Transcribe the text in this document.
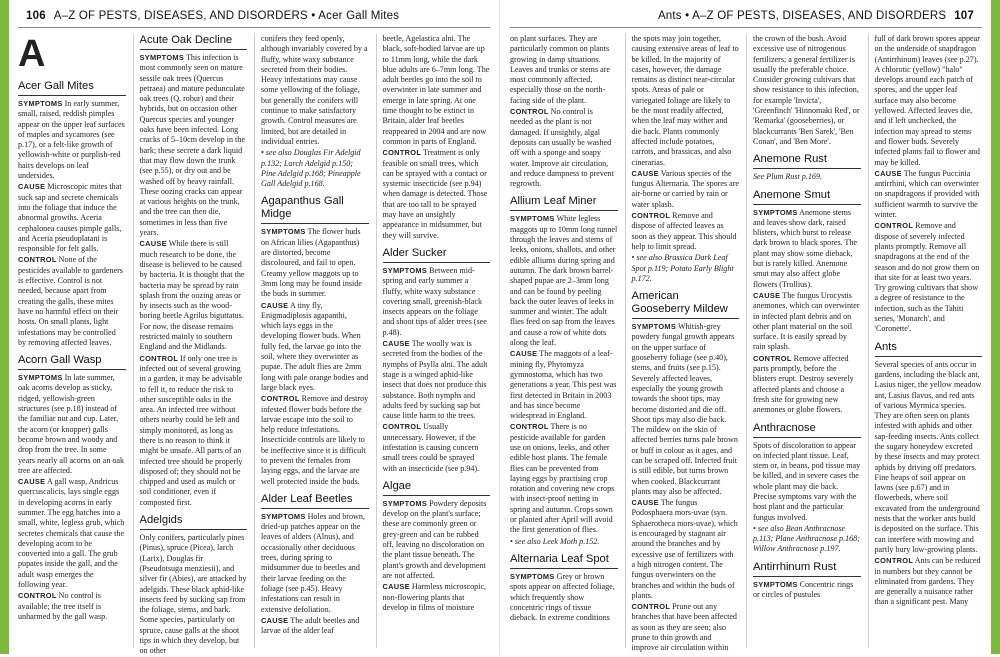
106 A–Z OF PESTS, DISEASES, AND DISORDERS • Acer Gall Mites
A
Acer Gall Mites

SYMPTOMS In early summer, small, raised, reddish pimples appear on the upper leaf surfaces of maples and sycamores (see p.17), or a felt-like growth of yellowish-white or purplish-red hairs develops on leaf undersides.

CAUSE Microscopic mites that suck sap and secrete chemicals into the foliage that induce the abnormal growths. Aceria cephalonea causes pimple galls, and Aceria pseudoplatani is responsible for felt galls.

CONTROL None of the pesticides available to gardeners is effective. Control is not needed, because apart from creating the galls, these mites have no harmful effect on their hosts. On small plants, light infestations may be controlled by removing affected leaves.

Acorn Gall Wasp

SYMPTOMS In late summer, oak acorns develop as sticky, ridged, yellowish-green structures (see p.18) instead of the familiar nut and cup. Later, the acorn (or knopper) galls become brown and woody and drop from the tree. In some years nearly all acorns on an oak tree are affected.

CAUSE A gall wasp, Andricus quercuscalicis, lays single eggs in developing acorns in early summer. The egg hatches into a small, white, legless grub, which secretes chemicals that cause the developing acorn to be converted into a gall. The grub pupates inside the gall, and the adult wasp emerges the following year.

CONTROL No control is available; the tree itself is unharmed by the gall wasp.

Acute Oak Decline

SYMPTOMS This infection is most commonly seen on mature sessile oak trees (Quercus petraea) and mature pedunculate oak trees (Q. robur) and their hybrids, but on occasion other Quercus species and younger oaks have been infected. Long cracks of 5–10cm develop in the bark; these secrete a dark liquid that may flow down the trunk (see p.55), or dry out and be washed off by heavy rainfall. These oozing cracks can appear at various heights on the trunk, and the tree can then die, sometimes in less than five years.

CAUSE While there is still much research to be done, the disease is believed to be caused by bacteria. It is thought that the bacteria may be spread by rain splash from the oozing areas or by insects such as the wood-boring beetle Agrilus biguttatus. For now, the disease remains restricted mainly to southern England and the Midlands.

CONTROL If only one tree is infected out of several growing in a garden, it may be advisable to fell it, to reduce the risk to other susceptible oaks in the area. An infected tree without others nearby could be left and simply monitored, as long as there is no reason to think it might be unsafe. All parts of an infected tree should be properly disposed of; they should not be chipped and used as mulch or soil conditioner, even if composted first.

Adelgids

Only conifers, particularly pines (Pinus), spruce (Picea), larch (Larix), Douglas fir (Pseudotsuga menziesii), and silver fir (Abies), are attacked by adelgids. These black aphid-like insects feed by sucking sap from the foliage, stems, and bark. Some species, particularly on spruce, cause galls at the shoot tips in which they develop, but on other

conifers they feed openly, although invariably covered by a fluffy, white waxy substance secreted from their bodies. Heavy infestations may cause some yellowing of the foliage, but generally the conifers will continue to make satisfactory growth. Control measures are limited, but are detailed in individual entries.

• see also Douglas Fir Adelgid p.132; Larch Adelgid p.150; Pine Adelgid p.168; Pineapple Gall Adelgid p.168.

Agapanthus Gall Midge

SYMPTOMS The flower buds on African lilies (Agapanthus) are distorted, become discoloured, and fail to open. Creamy yellow maggots up to 3mm long may be found inside the buds in summer.

CAUSE A tiny fly, Enigmadiplosis agapanthi, which lays eggs in the developing flower buds. When fully fed, the larvae go into the soil, where they overwinter as pupae. The adult flies are 2mm long with pale orange bodies and large black eyes.

CONTROL Remove and destroy infested flower buds before the larvae escape into the soil to help reduce infestations. Insecticide controls are likely to be ineffective since it is difficult to prevent the females from laying eggs, and the larvae are well protected inside the buds.

Alder Leaf Beetles

SYMPTOMS Holes and brown, dried-up patches appear on the leaves of alders (Alnus), and occasionally other deciduous trees, during spring to midsummer due to beetles and their larvae feeding on the foliage (see p.45). Heavy infestations can result in extensive defoliation.

CAUSE The adult beetles and larvae of the alder leaf

beetle, Agelastica alni. The black, soft-bodied larvae are up to 11mm long, while the dark blue adults are 6–7mm long. The adult beetles go into the soil to overwinter in late summer and emerge in late spring. At one time thought to be extinct in Britain, alder leaf beetles reappeared in 2004 and are now common in parts of England.

CONTROL Treatment is only feasible on small trees, which can be sprayed with a contact or systemic insecticide (see p.94) when damage is detected. Those that are too tall to be sprayed may have an unsightly appearance in midsummer, but they will survive.

Alder Sucker

SYMPTOMS Between mid-spring and early summer a fluffy, white waxy substance covering small, greenish-black insects appears on the foliage and shoot tips of alder trees (see p.48).

CAUSE The woolly wax is secreted from the bodies of the nymphs of Psylla alni. The adult stage is a winged aphid-like insect that does not produce this substance. Both nymphs and adults feed by sucking sap but cause little harm to the trees.

CONTROL Usually unnecessary. However, if the infestation is causing concern small trees could be sprayed with an insecticide (see p.94).

Algae

SYMPTOMS Powdery deposits develop on the plant's surface; these are commonly green or grey-green and can be rubbed off, leaving no discoloration on the plant tissue beneath. The plant's growth and development are not affected.

CAUSE Harmless microscopic, non-flowering plants that develop in films of moisture

Ants • A–Z OF PESTS, DISEASES, AND DISORDERS 107

on plant surfaces. They are particularly common on plants growing in damp situations. Leaves and trunks or stems are most commonly affected, especially those on the north-facing side of the plant.

CONTROL No control is needed as the plant is not damaged. If unsightly, algal deposits can usually be washed off with a sponge and soapy water. Improve air circulation, and reduce dampness to prevent regrowth.

Allium Leaf Miner

SYMPTOMS White legless maggots up to 10mm long tunnel through the leaves and stems of leeks, onions, shallots, and other edible alliums during spring and autumn. The dark brown barrel-shaped pupae are 2–3mm long and can be found by peeling back the outer leaves of leeks in summer and winter. The adult flies feed on sap from the leaves and cause a row of white dots along the leaf.

CAUSE The maggots of a leaf-mining fly, Phytomyza gymnostoma, which has two generations a year. This pest was first detected in Britain in 2003 and has since become widespread in England.

CONTROL There is no pesticide available for garden use on onions, leeks, and other edible host plants. The female flies can be prevented from laying eggs by practising crop rotation and covering new crops with insect-proof netting in spring and autumn. Crops sown or planted after April will avoid the first generation of flies.

• see also Leek Moth p.152.

Alternaria Leaf Spot

SYMPTOMS Grey or brown spots appear on affected foliage, which frequently show concentric rings of tissue dieback. In extreme conditions

the spots may join together, causing extensive areas of leaf to be killed. In the majority of cases, however, the damage remains as distinct near-circular spots. Areas of pale or variegated foliage are likely to be the most readily affected, when the leaf may wither and die back. Plants commonly affected include potatoes, carrots, and brassicas, and also cinerarias.

CAUSE Various species of the fungus Alternaria. The spores are air-borne or carried by rain or water splash.

CONTROL Remove and dispose of affected leaves as soon as they appear. This should help to limit spread.

• see also Brassica Dark Leaf Spot p.119; Potato Early Blight p.172.

American Gooseberry Mildew

SYMPTOMS Whitish-grey powdery fungal growth appears on the upper surface of gooseberry foliage (see p.40), stems, and fruits (see p.15). Severely affected leaves, especially the young growth towards the shoot tips, may become distorted and die off. Shoot tips may also die back. The mildew on the skin of affected berries turns pale brown or buff in colour as it ages, and can be scraped off. Infected fruit is still edible, but turns brown when cooked. Blackcurrant plants may also be affected.

CAUSE The fungus Podosphaera mors-uvae (syn. Sphaerotheca mors-uvae), which is encouraged by stagnant air around the branches and by excessive use of fertilizers with a high nitrogen content. The fungus overwinters on the branches and within the buds of plants.

CONTROL Prune out any branches that have been affected as soon as they are seen; also prune to thin growth and improve air circulation within

the crown of the bush. Avoid excessive use of nitrogenous fertilizers; a general fertilizer is usually the preferable choice. Consider growing cultivars that show resistance to this infection, for example 'Invicta', 'Greenfinch' 'Hinnomaki Red', or 'Remarka' (gooseberries), or blackcurrants 'Ben Sarek', 'Ben Conan', and 'Ben More'.

Anemone Rust

See Plum Rust p.169.

Anemone Smut

SYMPTOMS Anemone stems and leaves show dark, raised blisters, which burst to release dark brown to black spores. The plant may show some dieback, but is rarely killed. Anemone smut may also affect globe flowers (Trollius).

CAUSE The fungus Urocystis anemones, which can overwinter in infected plant debris and on other plant material on the soil surface. It is easily spread by rain splash.

CONTROL Remove affected parts promptly, before the blisters erupt. Destroy severely affected plants and choose a fresh site for growing new anemones or globe flowers.

Anthracnose

Spots of discoloration to appear on infected plant tissue. Leaf, stem or, in beans, pod tissue may be killed, and in severe cases the whole plant may die back. Precise symptoms vary with the host plant and the particular fungus involved.

• see also Bean Anthracnose p.113; Plane Anthracnose p.168; Willow Anthracnose p.197.

Antirrhinum Rust

SYMPTOMS Concentric rings or circles of pustules

full of dark brown spores appear on the underside of snapdragon (Antirrhinum) leaves (see p.27). A chlorotic (yellow) "halo" develops around each patch of spores, and the upper leaf surface may also become yellowed. Affected leaves die, and if left unchecked, the infection may spread to stems and flower buds. Severely infected plants fail to flower and may be killed.

CAUSE The fungus Puccinia antirrhini, which can overwinter on snapdragons if provided with sufficient warmth to survive the winter.

CONTROL Remove and dispose of severely infected plants promptly. Remove all snapdragons at the end of the season and do not grow them on that site for at least two years. Try growing cultivars that show a degree of resistance to the infection, such as the Tahiti series, 'Monarch', and 'Coronette'.

Ants

Several species of ants occur in gardens, including the black ant, Lasius niger, the yellow meadow ant, Lasius flavus, and red ants of various Myrmica species. They are often seen on plants infested with aphids and other sap-feeding insects. Ants collect the sugary honeydew excreted by these insects and may protect aphids by driving off predators. Fine heaps of soil appear on lawns (see p.67) and in flowerbeds, where soil excavated from the underground nests that the worker ants build is deposited on the surface. This can interfere with mowing and partly bury low-growing plants.

CONTROL Ants can be reduced in numbers but they cannot be eliminated from gardens. They are generally a nuisance rather than a significant pest. Many
